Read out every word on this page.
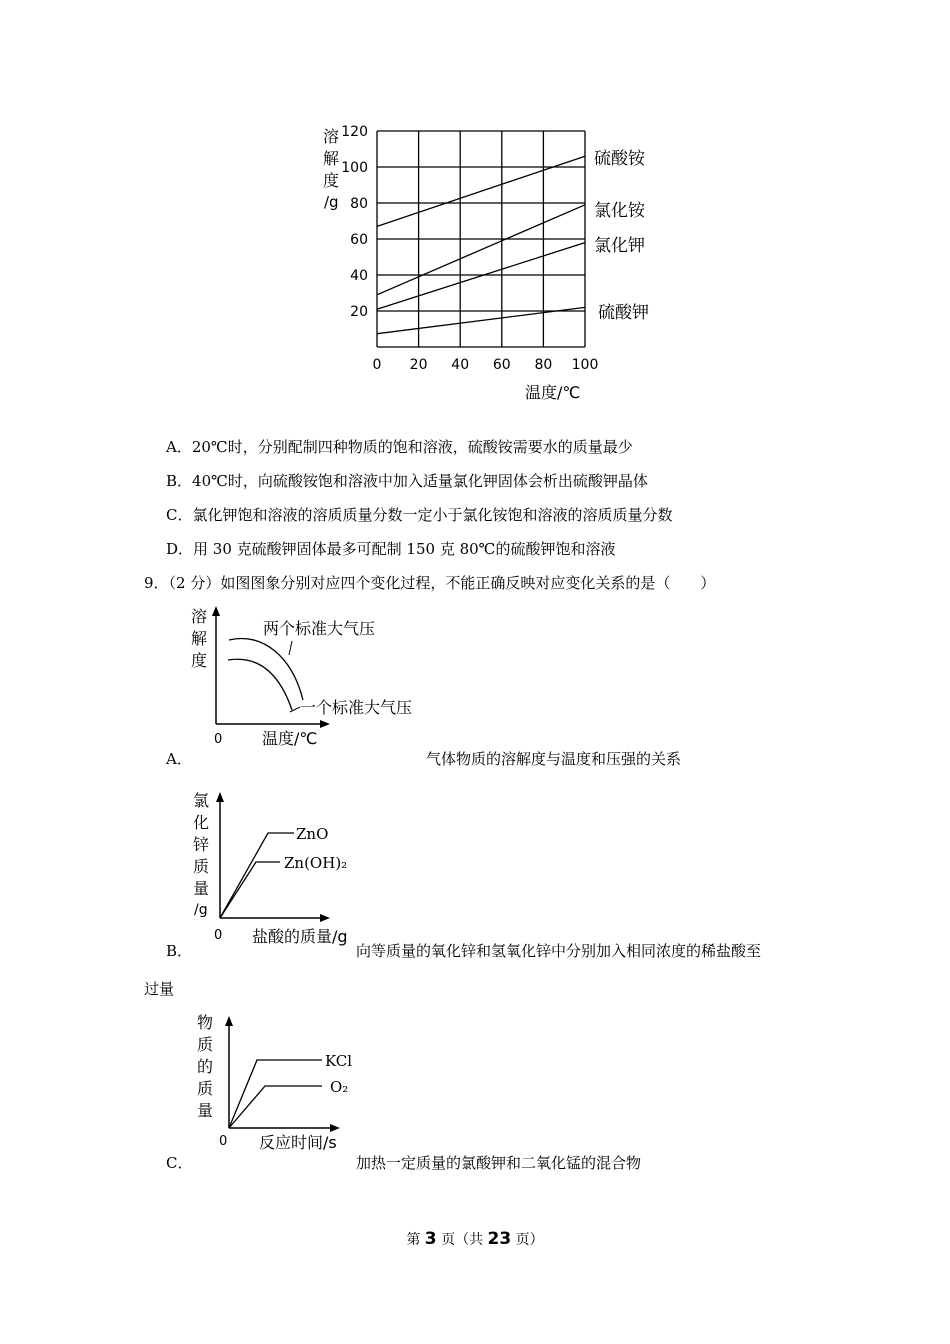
20
40
60
80
100
120
0 20 40 60 80 100
硫酸铵
氯化铵
氯化钾
硫酸钾
溶
解
度
/g
温度/℃
A．20℃时，分别配制四种物质的饱和溶液，硫酸铵需要水的质量最少
B．40℃时，向硫酸铵饱和溶液中加入适量氯化钾固体会析出硫酸钾晶体
C．氯化钾饱和溶液的溶质质量分数一定小于氯化铵饱和溶液的溶质质量分数
D．用 30 克硫酸钾固体最多可配制 150 克 80℃的硫酸钾饱和溶液
9．（2 分）如图图象分别对应四个变化过程，不能正确反映对应变化关系的是（　　）
溶
解
度
0 温度/℃
两个标准大气压
一个标准大气压
A．	气体物质的溶解度与温度和压强的关系
氯
化
锌
质
量
/g
0 盐酸的质量/g
ZnO
Zn(OH)₂
B．	向等质量的氧化锌和氢氧化锌中分别加入相同浓度的稀盐酸至
过量
物
质
的
质
量
0 反应时间/s
KCl
O₂
C．	加热一定质量的氯酸钾和二氧化锰的混合物
第 3 页（共 23 页）
